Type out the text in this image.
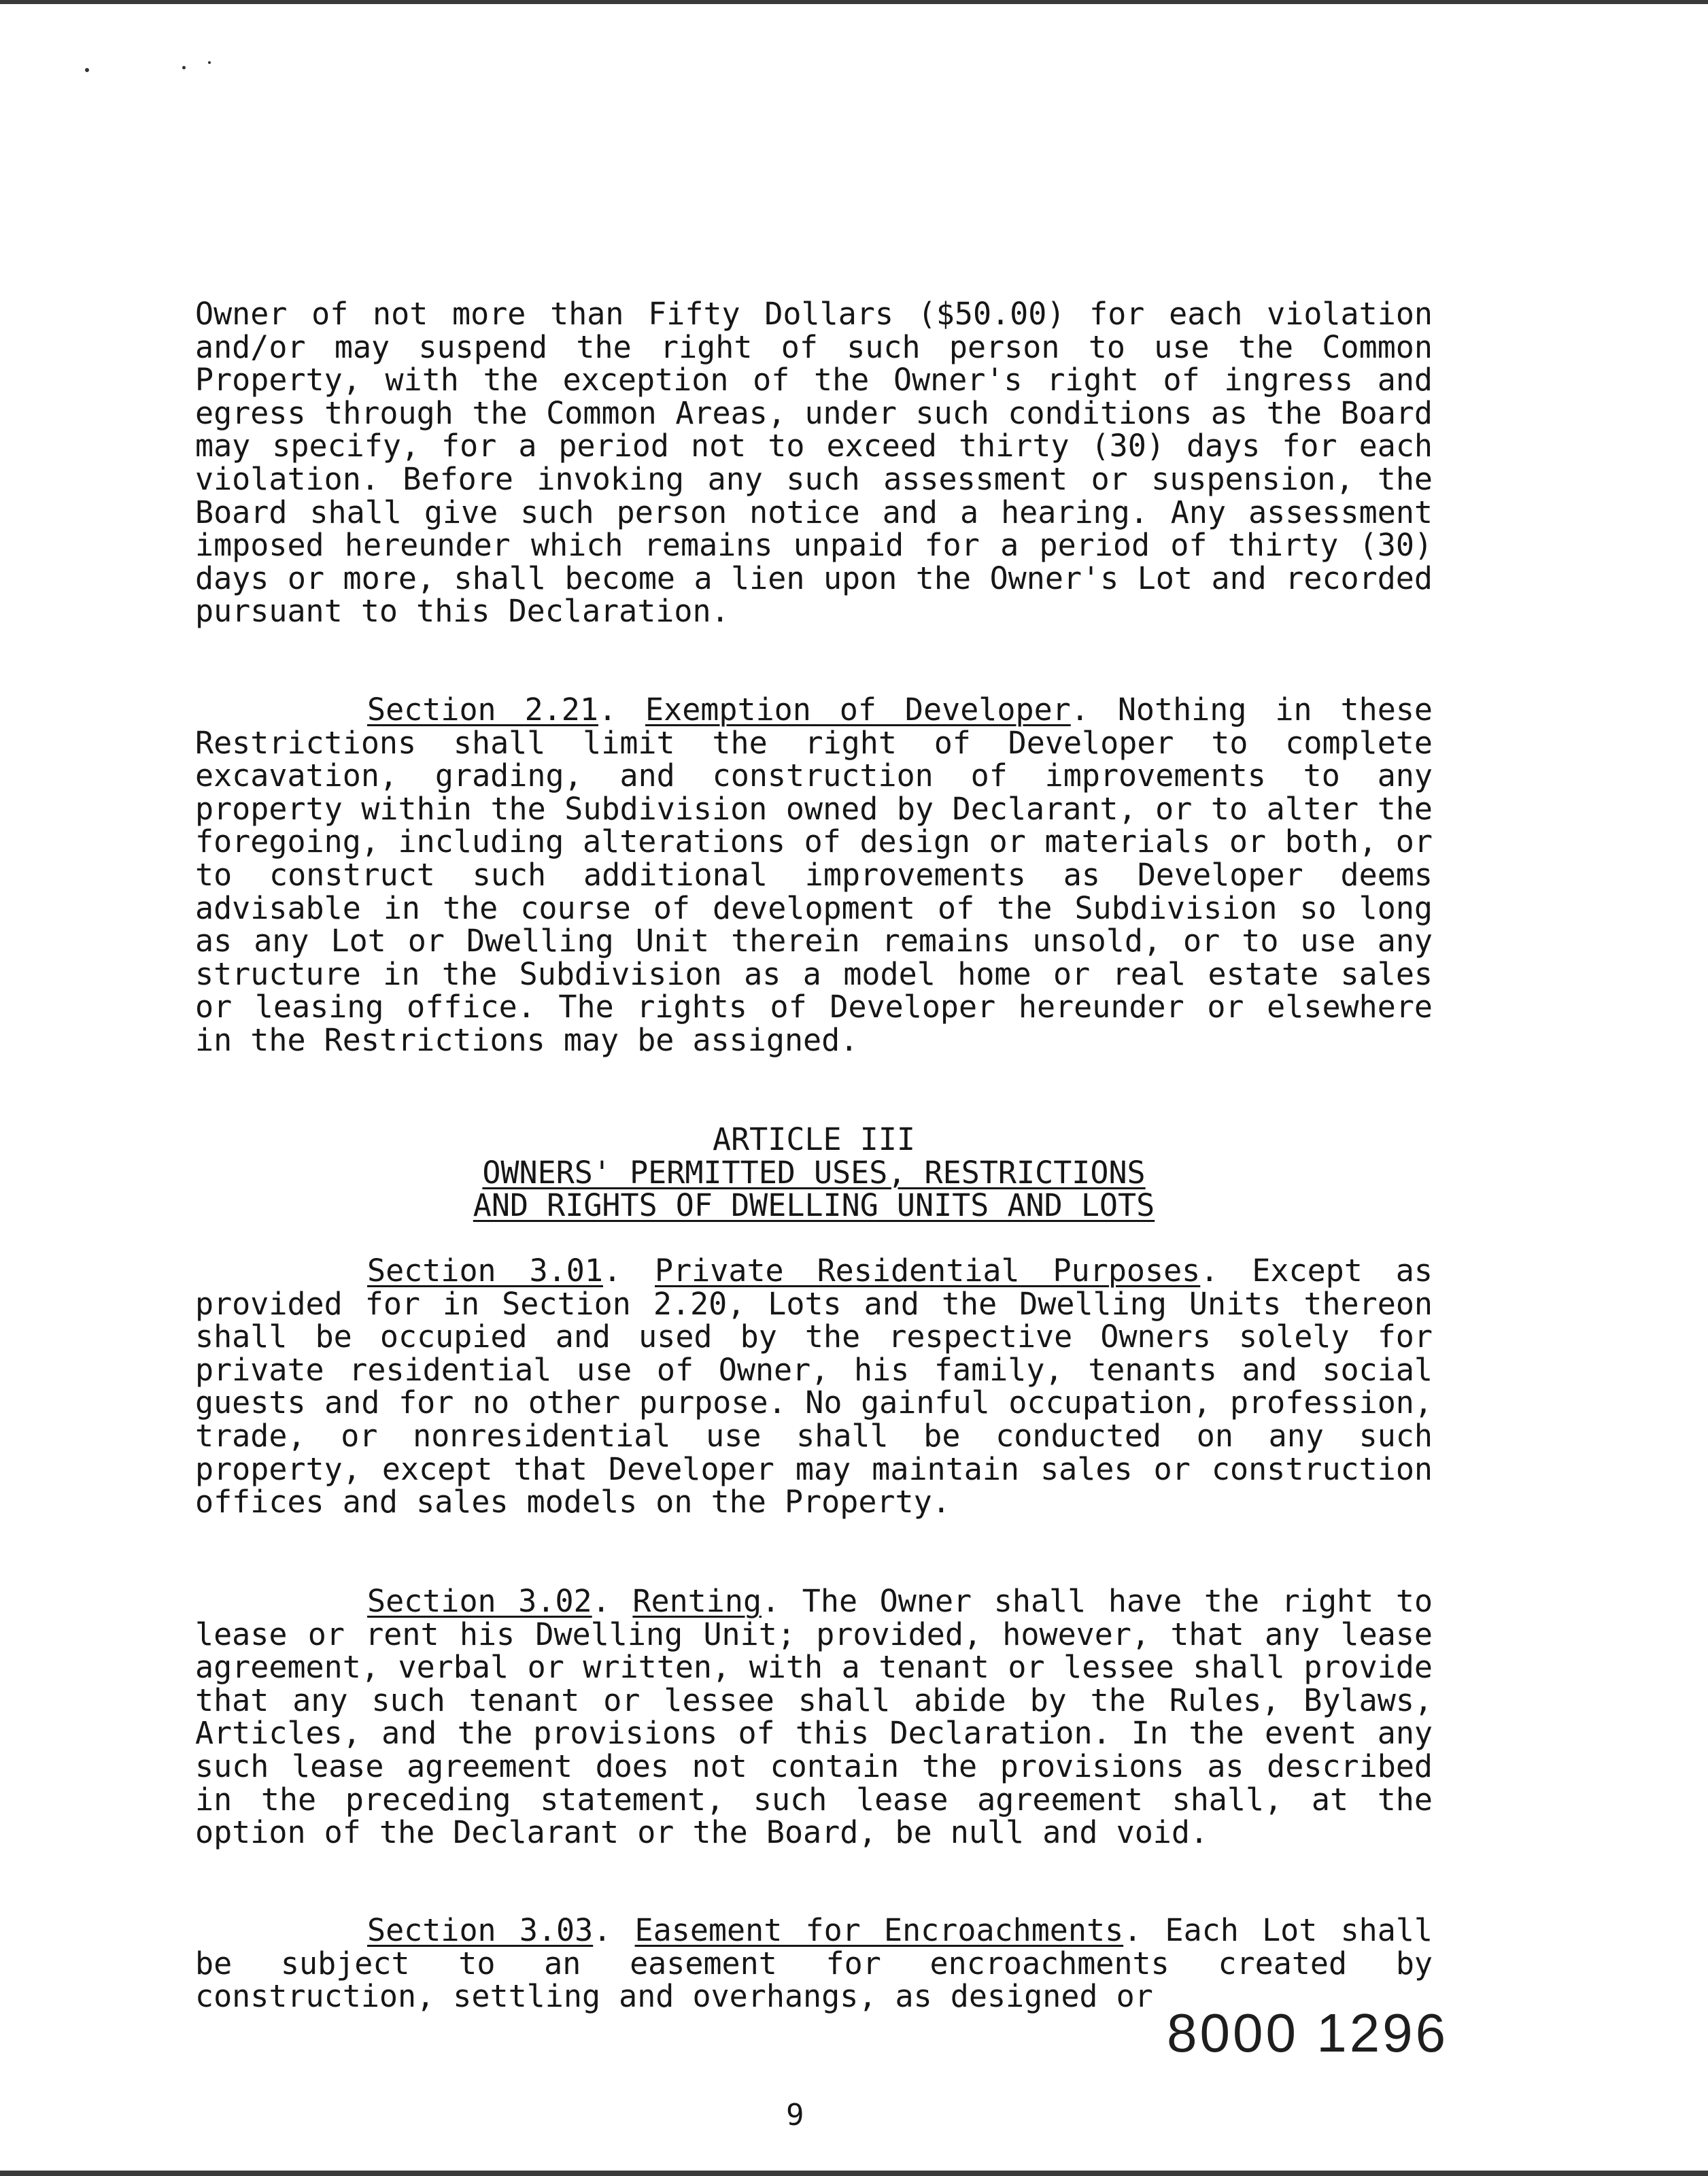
Owner of not more than Fifty Dollars ($50.00) for each violation and/or may suspend the right of such person to use the Common Property, with the exception of the Owner's right of ingress and egress through the Common Areas, under such conditions as the Board may specify, for a period not to exceed thirty (30) days for each violation. Before invoking any such assessment or suspension, the Board shall give such person notice and a hearing. Any assessment imposed hereunder which remains unpaid for a period of thirty (30) days or more, shall become a lien upon the Owner's Lot and recorded pursuant to this Declaration.

Section 2.21. Exemption of Developer. Nothing in these Restrictions shall limit the right of Developer to complete excavation, grading, and construction of improvements to any property within the Subdivision owned by Declarant, or to alter the foregoing, including alterations of design or materials or both, or to construct such additional improvements as Developer deems advisable in the course of development of the Subdivision so long as any Lot or Dwelling Unit therein remains unsold, or to use any structure in the Subdivision as a model home or real estate sales or leasing office. The rights of Developer hereunder or elsewhere in the Restrictions may be assigned.

ARTICLE III
OWNERS' PERMITTED USES, RESTRICTIONS
AND RIGHTS OF DWELLING UNITS AND LOTS

Section 3.01. Private Residential Purposes. Except as provided for in Section 2.20, Lots and the Dwelling Units thereon shall be occupied and used by the respective Owners solely for private residential use of Owner, his family, tenants and social guests and for no other purpose. No gainful occupation, profession, trade, or nonresidential use shall be conducted on any such property, except that Developer may maintain sales or construction offices and sales models on the Property.

Section 3.02. Renting. The Owner shall have the right to lease or rent his Dwelling Unit; provided, however, that any lease agreement, verbal or written, with a tenant or lessee shall provide that any such tenant or lessee shall abide by the Rules, Bylaws, Articles, and the provisions of this Declaration. In the event any such lease agreement does not contain the provisions as described in the preceding statement, such lease agreement shall, at the option of the Declarant or the Board, be null and void.

Section 3.03. Easement for Encroachments. Each Lot shall be subject to an easement for encroachments created by construction, settling and overhangs, as designed or

8000 1296
9
